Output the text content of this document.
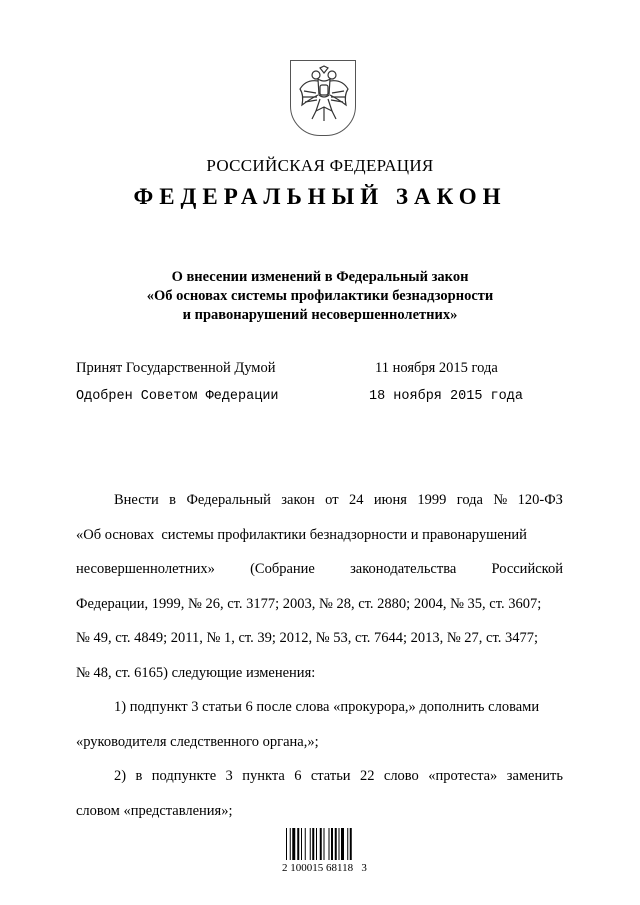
РОССИЙСКАЯ ФЕДЕРАЦИЯ
ФЕДЕРАЛЬНЫЙ ЗАКОН
О внесении изменений в Федеральный закон
«Об основах системы профилактики безнадзорности
и правонарушений несовершеннолетних»
Принят Государственной Думой	11 ноября 2015 года
Одобрен Советом Федерации	18 ноября 2015 года
Внести в Федеральный закон от 24 июня 1999 года № 120-ФЗ
«Об основах  системы профилактики безнадзорности и правонарушений
несовершеннолетних» (Собрание законодательства Российской
Федерации, 1999, № 26, ст. 3177; 2003, № 28, ст. 2880; 2004, № 35, ст. 3607;
№ 49, ст. 4849; 2011, № 1, ст. 39; 2012, № 53, ст. 7644; 2013, № 27, ст. 3477;
№ 48, ст. 6165) следующие изменения:
1) подпункт 3 статьи 6 после слова «прокурора,» дополнить словами
«руководителя следственного органа,»;
2) в подпункте 3 пункта 6 статьи 22 слово «протеста» заменить
словом «представления»;
2 100015 68118   3
